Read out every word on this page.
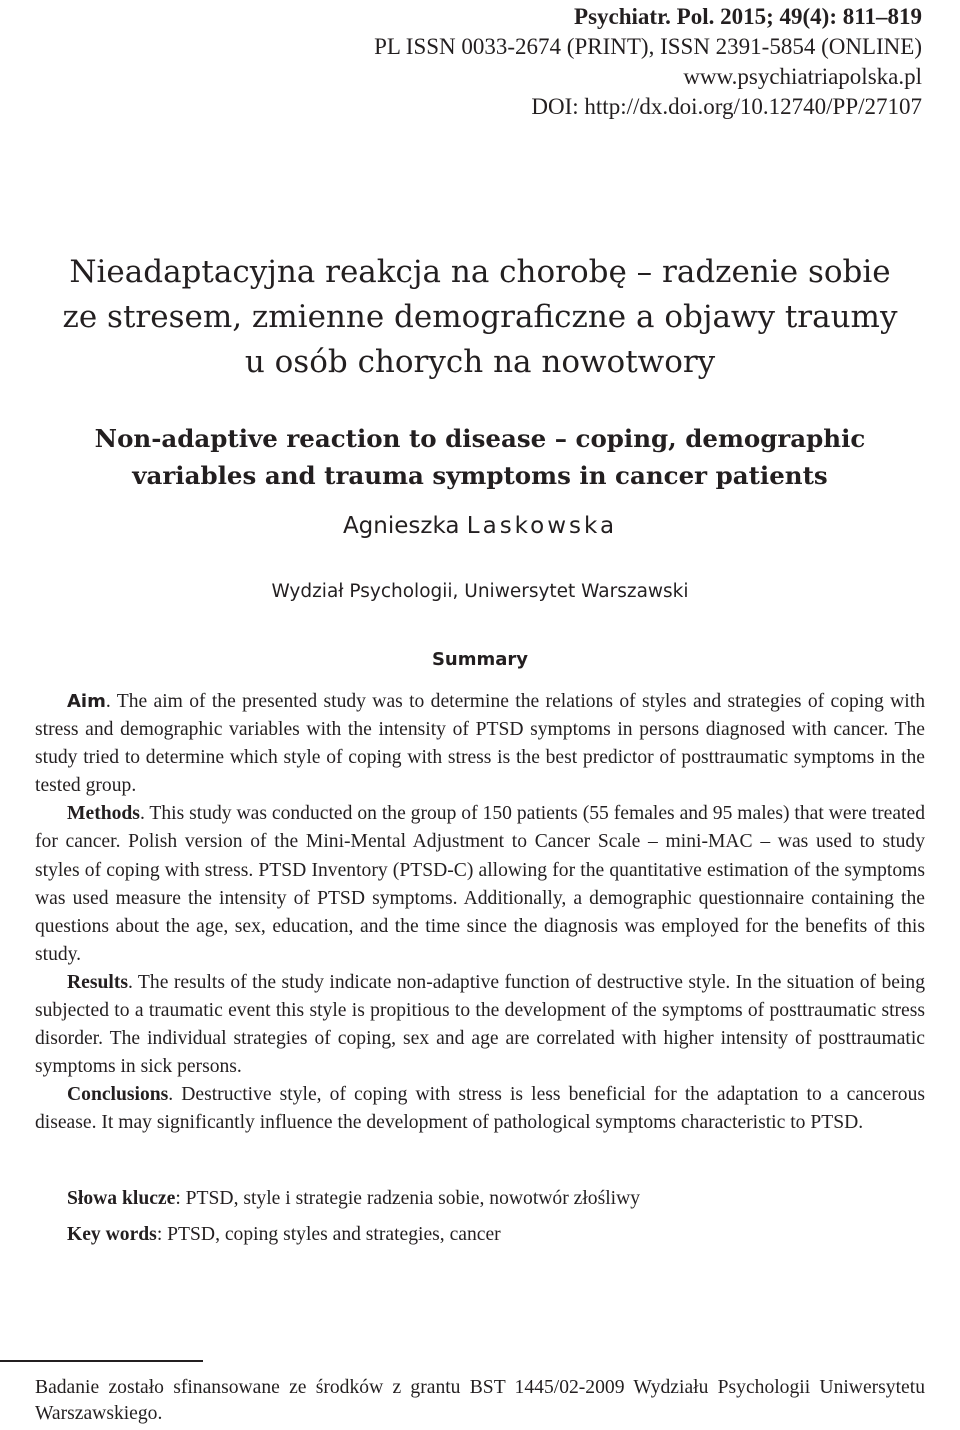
Psychiatr. Pol. 2015; 49(4): 811–819
PL ISSN 0033-2674 (PRINT), ISSN 2391-5854 (ONLINE)
www.psychiatriapolska.pl
DOI: http://dx.doi.org/10.12740/PP/27107
Nieadaptacyjna reakcja na chorobę – radzenie sobie
ze stresem, zmienne demograficzne a objawy traumy
u osób chorych na nowotwory
Non-adaptive reaction to disease – coping, demographic
variables and trauma symptoms in cancer patients
Agnieszka Laskowska
Wydział Psychologii, Uniwersytet Warszawski
Summary

Aim. The aim of the presented study was to determine the relations of styles and strategies of coping with stress and demographic variables with the intensity of PTSD symptoms in persons diagnosed with cancer. The study tried to determine which style of coping with stress is the best predictor of posttraumatic symptoms in the tested group.

Methods. This study was conducted on the group of 150 patients (55 females and 95 males) that were treated for cancer. Polish version of the Mini-Mental Adjustment to Cancer Scale – mini-MAC – was used to study styles of coping with stress. PTSD Inventory (PTSD-C) allowing for the quantitative estimation of the symptoms was used measure the intensity of PTSD symptoms. Additionally, a demographic questionnaire containing the questions about the age, sex, education, and the time since the diagnosis was employed for the benefits of this study.

Results. The results of the study indicate non-adaptive function of destructive style. In the situation of being subjected to a traumatic event this style is propitious to the development of the symptoms of posttraumatic stress disorder. The individual strategies of coping, sex and age are correlated with higher intensity of posttraumatic symptoms in sick persons.

Conclusions. Destructive style, of coping with stress is less beneficial for the adaptation to a cancerous disease. It may significantly influence the development of pathological symptoms characteristic to PTSD.

Słowa klucze: PTSD, style i strategie radzenia sobie, nowotwór złośliwy
Key words: PTSD, coping styles and strategies, cancer
Badanie zostało sfinansowane ze środków z grantu BST 1445/02-2009 Wydziału Psychologii Uniwersytetu Warszawskiego.
